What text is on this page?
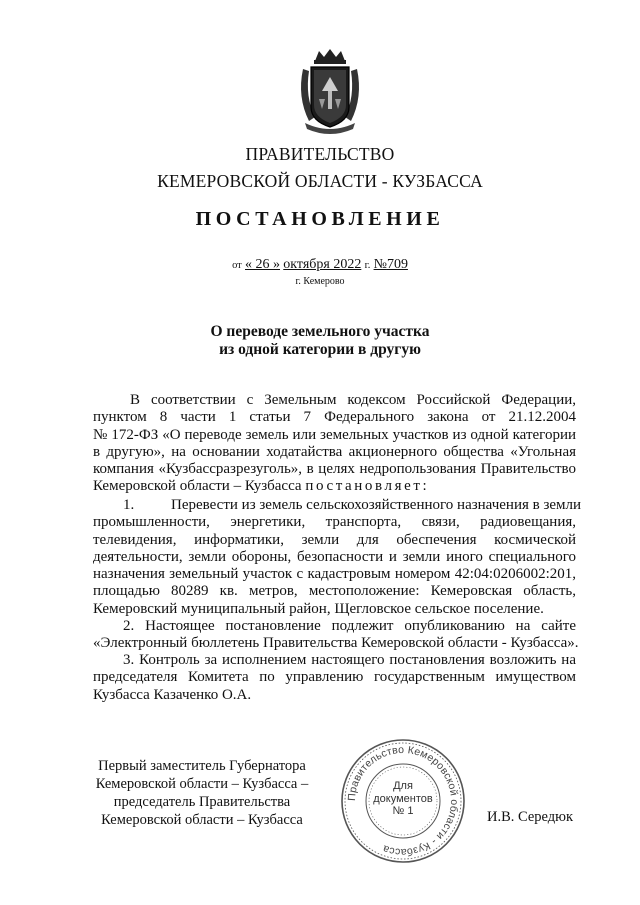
ПРАВИТЕЛЬСТВО
КЕМЕРОВСКОЙ ОБЛАСТИ - КУЗБАССА
ПОСТАНОВЛЕНИЕ
от « 26 » октября 2022 г. №709
г. Кемерово
О переводе земельного участка
из одной категории в другую
В соответствии с Земельным кодексом Российской Федерации,
пунктом 8 части 1 статьи 7 Федерального закона от 21.12.2004
№ 172-ФЗ «О переводе земель или земельных участков из одной категории
в другую», на основании ходатайства акционерного общества «Угольная
компания «Кузбассразрезуголь», в целях недропользования Правительство
Кемеровской области – Кузбасса постановляет:
1. Перевести из земель сельскохозяйственного назначения в земли
промышленности, энергетики, транспорта, связи, радиовещания,
телевидения, информатики, земли для обеспечения космической
деятельности, земли обороны, безопасности и земли иного специального
назначения земельный участок с кадастровым номером 42:04:0206002:201,
площадью 80289 кв. метров, местоположение: Кемеровская область,
Кемеровский муниципальный район, Щегловское сельское поселение.
2. Настоящее постановление подлежит опубликованию на сайте
«Электронный бюллетень Правительства Кемеровской области - Кузбасса».
3. Контроль за исполнением настоящего постановления возложить на
председателя Комитета по управлению государственным имуществом
Кузбасса Казаченко О.А.
Первый заместитель Губернатора
Кемеровской области – Кузбасса –
председатель Правительства
Кемеровской области – Кузбасса	И.В. Середюк
Правительство Кемеровской области - Кузбасса
Для
документов
№ 1
